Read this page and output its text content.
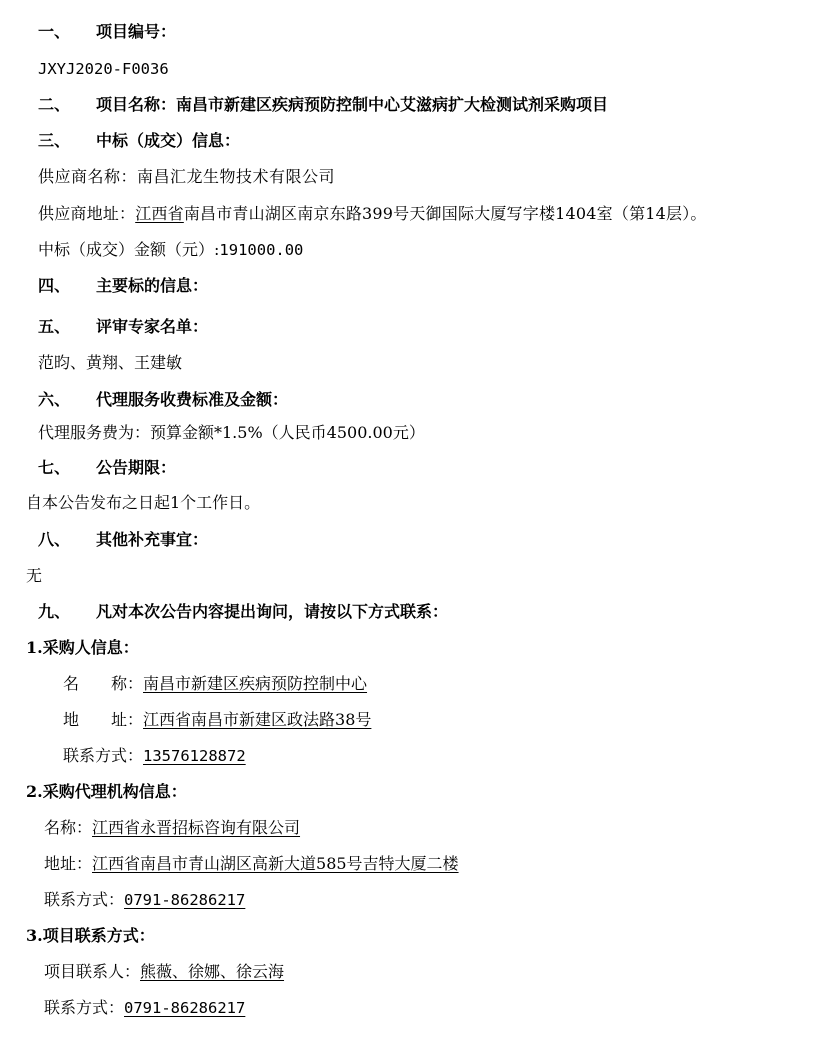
一、 项目编号：
JXYJ2020-F0036
二、 项目名称：南昌市新建区疾病预防控制中心艾滋病扩大检测试剂采购项目
三、 中标（成交）信息：
供应商名称：南昌汇龙生物技术有限公司
供应商地址：江西省南昌市青山湖区南京东路399号天御国际大厦写字楼1404室（第14层）。
中标（成交）金额（元）:191000.00
四、 主要标的信息：
五、 评审专家名单：
范昀、黄翔、王建敏
六、 代理服务收费标准及金额：
代理服务费为：预算金额*1.5%（人民币4500.00元）
七、 公告期限：
自本公告发布之日起1个工作日。
八、 其他补充事宜：
无
九、 凡对本次公告内容提出询问，请按以下方式联系：
1.采购人信息：
名　　称：南昌市新建区疾病预防控制中心
地　　址：江西省南昌市新建区政法路38号
联系方式：13576128872
2.采购代理机构信息：
名称：江西省永晋招标咨询有限公司
地址：江西省南昌市青山湖区高新大道585号吉特大厦二楼
联系方式：0791-86286217
3.项目联系方式：
项目联系人：熊薇、徐娜、徐云海
联系方式：0791-86286217
